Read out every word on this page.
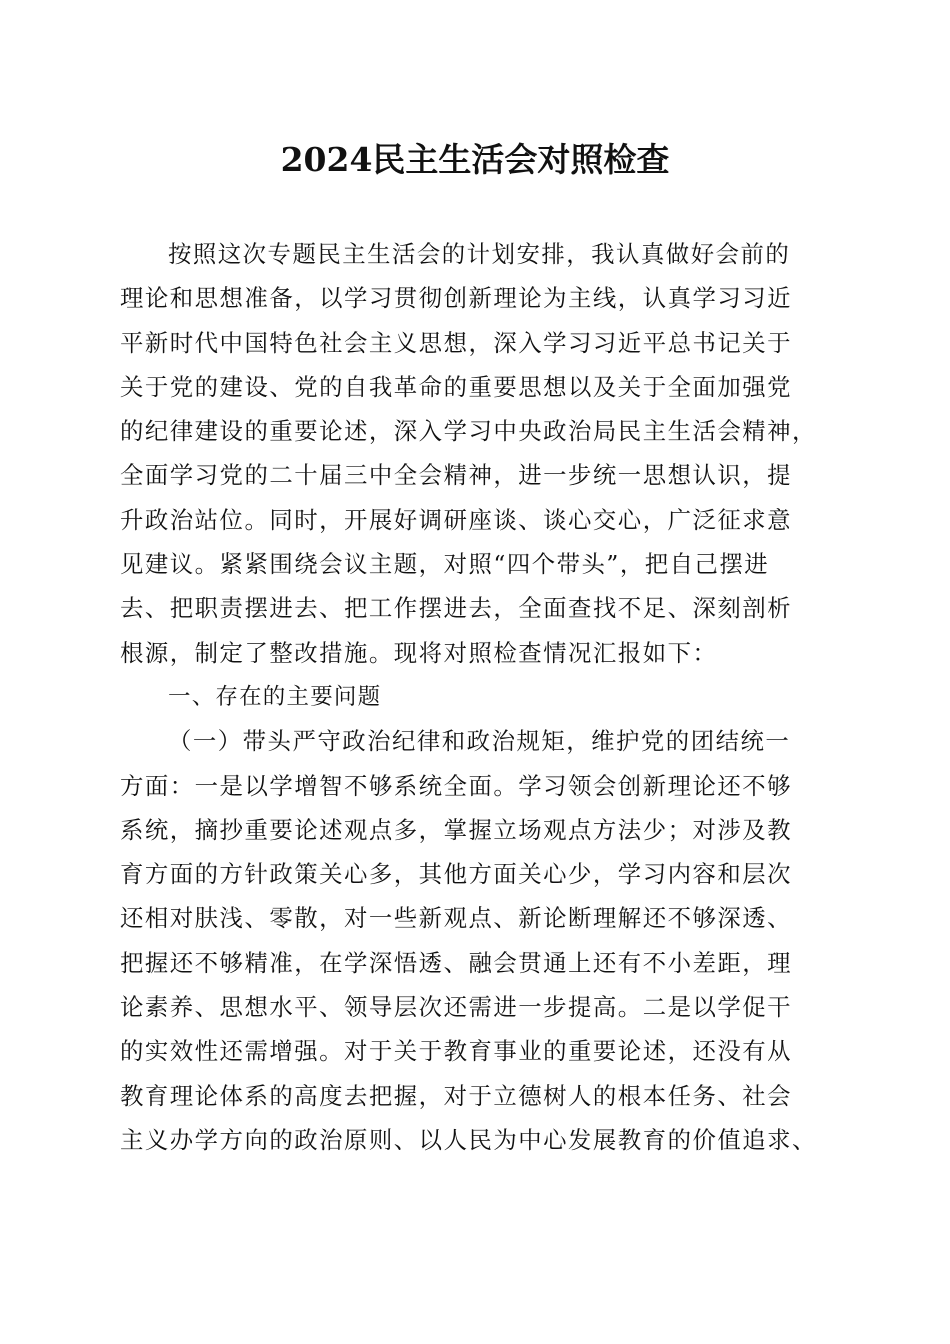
2024民主生活会对照检查
按照这次专题民主生活会的计划安排，我认真做好会前的
理论和思想准备，以学习贯彻创新理论为主线，认真学习习近
平新时代中国特色社会主义思想，深入学习习近平总书记关于
关于党的建设、党的自我革命的重要思想以及关于全面加强党
的纪律建设的重要论述，深入学习中央政治局民主生活会精神，
全面学习党的二十届三中全会精神，进一步统一思想认识，提
升政治站位。同时，开展好调研座谈、谈心交心，广泛征求意
见建议。紧紧围绕会议主题，对照“四个带头”，把自己摆进
去、把职责摆进去、把工作摆进去，全面查找不足、深刻剖析
根源，制定了整改措施。现将对照检查情况汇报如下：
一、存在的主要问题
（一）带头严守政治纪律和政治规矩，维护党的团结统一
方面：一是以学增智不够系统全面。学习领会创新理论还不够
系统，摘抄重要论述观点多，掌握立场观点方法少；对涉及教
育方面的方针政策关心多，其他方面关心少，学习内容和层次
还相对肤浅、零散，对一些新观点、新论断理解还不够深透、
把握还不够精准，在学深悟透、融会贯通上还有不小差距，理
论素养、思想水平、领导层次还需进一步提高。二是以学促干
的实效性还需增强。对于关于教育事业的重要论述，还没有从
教育理论体系的高度去把握，对于立德树人的根本任务、社会
主义办学方向的政治原则、以人民为中心发展教育的价值追求、
